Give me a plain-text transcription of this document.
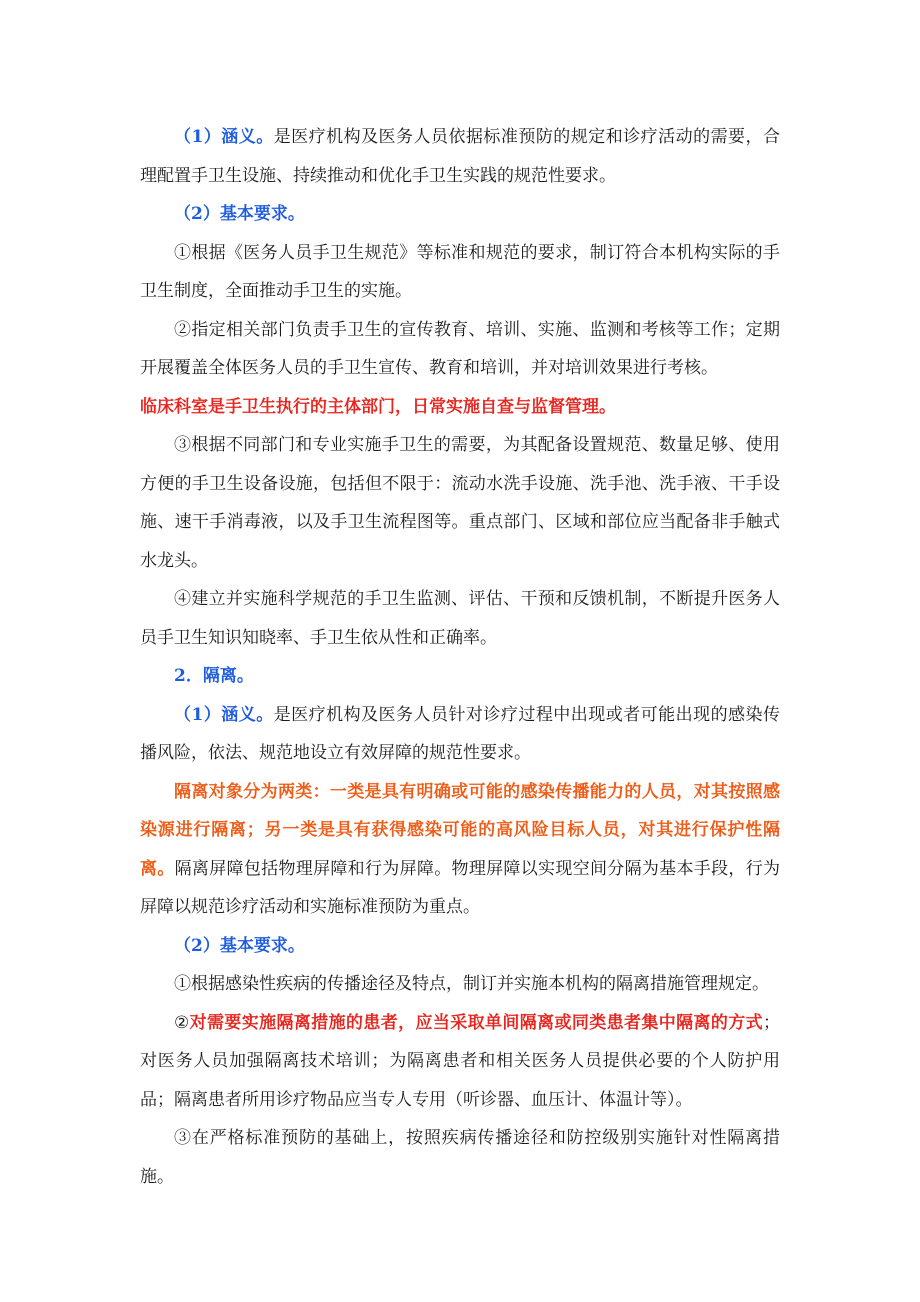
（1）涵义。是医疗机构及医务人员依据标准预防的规定和诊疗活动的需要，合理配置手卫生设施、持续推动和优化手卫生实践的规范性要求。

（2）基本要求。

①根据《医务人员手卫生规范》等标准和规范的要求，制订符合本机构实际的手卫生制度，全面推动手卫生的实施。

②指定相关部门负责手卫生的宣传教育、培训、实施、监测和考核等工作；定期开展覆盖全体医务人员的手卫生宣传、教育和培训，并对培训效果进行考核。

临床科室是手卫生执行的主体部门，日常实施自查与监督管理。

③根据不同部门和专业实施手卫生的需要，为其配备设置规范、数量足够、使用方便的手卫生设备设施，包括但不限于：流动水洗手设施、洗手池、洗手液、干手设施、速干手消毒液，以及手卫生流程图等。重点部门、区域和部位应当配备非手触式水龙头。

④建立并实施科学规范的手卫生监测、评估、干预和反馈机制，不断提升医务人员手卫生知识知晓率、手卫生依从性和正确率。

2．隔离。

（1）涵义。是医疗机构及医务人员针对诊疗过程中出现或者可能出现的感染传播风险，依法、规范地设立有效屏障的规范性要求。

隔离对象分为两类：一类是具有明确或可能的感染传播能力的人员，对其按照感染源进行隔离；另一类是具有获得感染可能的高风险目标人员，对其进行保护性隔离。隔离屏障包括物理屏障和行为屏障。物理屏障以实现空间分隔为基本手段，行为屏障以规范诊疗活动和实施标准预防为重点。

（2）基本要求。

①根据感染性疾病的传播途径及特点，制订并实施本机构的隔离措施管理规定。

②对需要实施隔离措施的患者，应当采取单间隔离或同类患者集中隔离的方式；对医务人员加强隔离技术培训；为隔离患者和相关医务人员提供必要的个人防护用品；隔离患者所用诊疗物品应当专人专用（听诊器、血压计、体温计等）。

③在严格标准预防的基础上，按照疾病传播途径和防控级别实施针对性隔离措施。
